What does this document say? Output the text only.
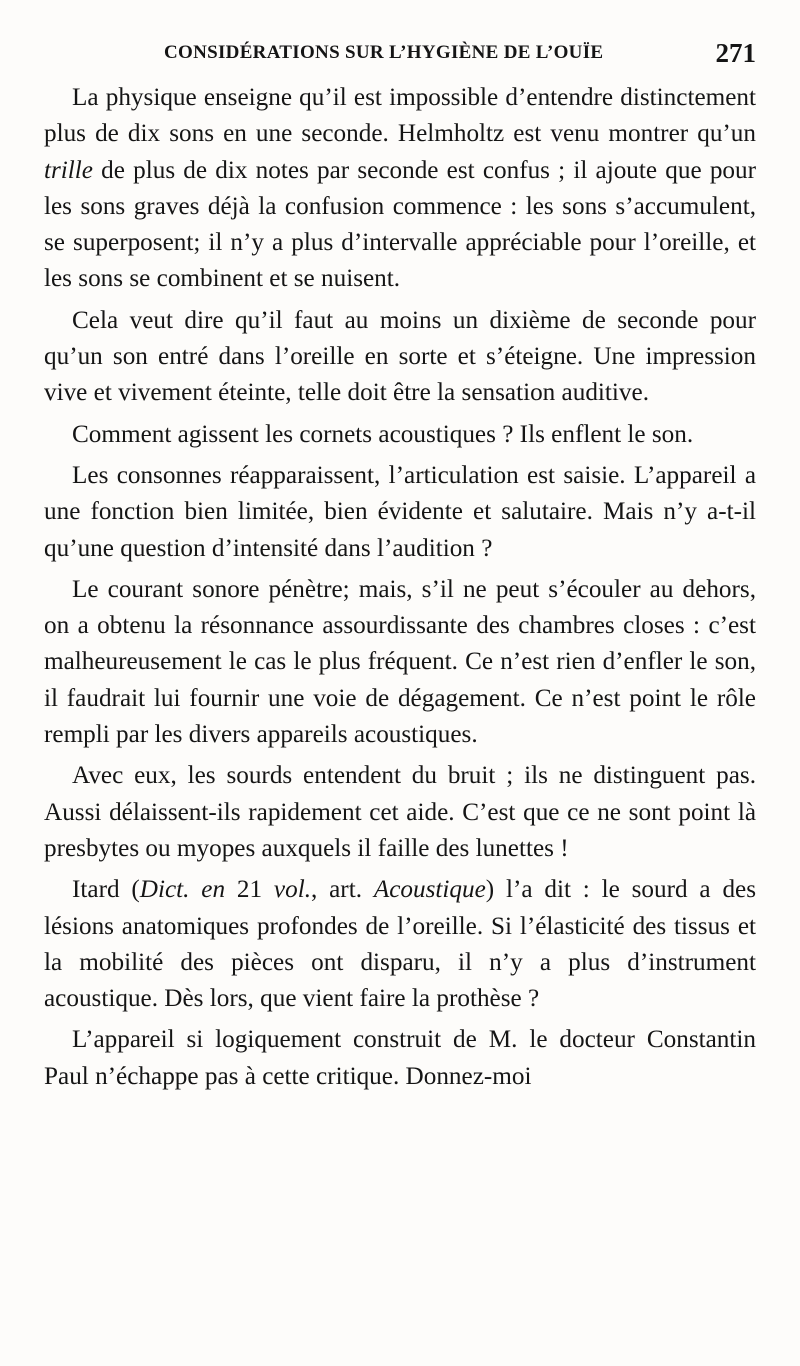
CONSIDÉRATIONS SUR L’HYGIÈNE DE L’OUÏE	271

La physique enseigne qu’il est impossible d’entendre distinctement plus de dix sons en une seconde. Helmholtz est venu montrer qu’un trille de plus de dix notes par seconde est confus ; il ajoute que pour les sons graves déjà la confusion commence : les sons s’accumulent, se superposent; il n’y a plus d’intervalle appréciable pour l’oreille, et les sons se combinent et se nuisent.

Cela veut dire qu’il faut au moins un dixième de seconde pour qu’un son entré dans l’oreille en sorte et s’éteigne. Une impression vive et vivement éteinte, telle doit être la sensation auditive.

Comment agissent les cornets acoustiques ? Ils enflent le son.

Les consonnes réapparaissent, l’articulation est saisie. L’appareil a une fonction bien limitée, bien évidente et salutaire. Mais n’y a-t-il qu’une question d’intensité dans l’audition ?

Le courant sonore pénètre; mais, s’il ne peut s’écouler au dehors, on a obtenu la résonnance assourdissante des chambres closes : c’est malheureusement le cas le plus fréquent. Ce n’est rien d’enfler le son, il faudrait lui fournir une voie de dégagement. Ce n’est point le rôle rempli par les divers appareils acoustiques.

Avec eux, les sourds entendent du bruit ; ils ne distinguent pas. Aussi délaissent-ils rapidement cet aide. C’est que ce ne sont point là presbytes ou myopes auxquels il faille des lunettes !

Itard (Dict. en 21 vol., art. Acoustique) l’a dit : le sourd a des lésions anatomiques profondes de l’oreille. Si l’élasticité des tissus et la mobilité des pièces ont disparu, il n’y a plus d’instrument acoustique. Dès lors, que vient faire la prothèse ?

L’appareil si logiquement construit de M. le docteur Constantin Paul n’échappe pas à cette critique. Donnez-moi
